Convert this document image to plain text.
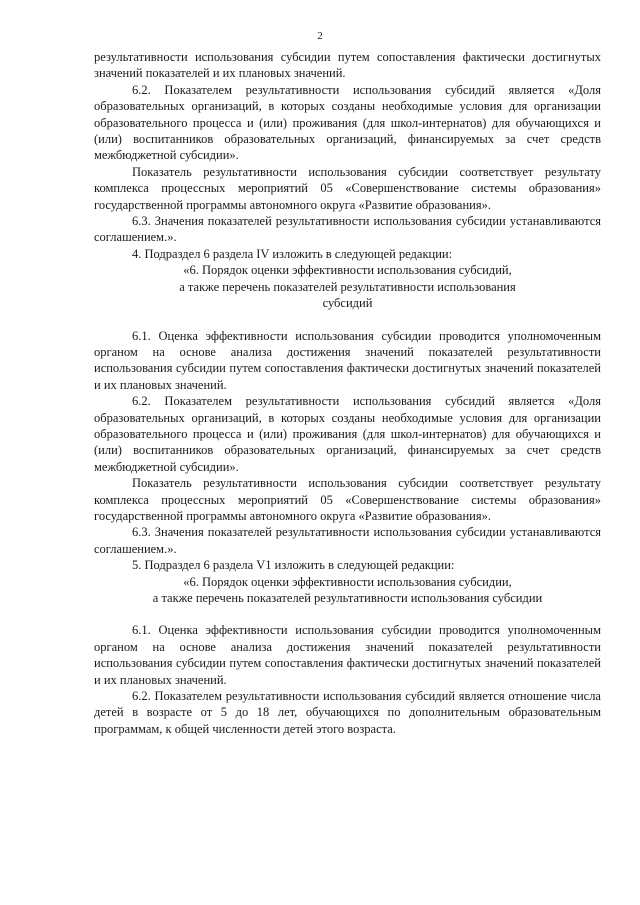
2

результативности использования субсидии путем сопоставления фактически достигнутых значений показателей и их плановых значений.

6.2. Показателем результативности использования субсидий является «Доля образовательных организаций, в которых созданы необходимые условия для организации образовательного процесса и (или) проживания (для школ-интернатов) для обучающихся и (или) воспитанников образовательных организаций, финансируемых за счет средств межбюджетной субсидии».

Показатель результативности использования субсидии соответствует результату комплекса процессных мероприятий 05 «Совершенствование системы образования» государственной программы автономного округа «Развитие образования».

6.3. Значения показателей результативности использования субсидии устанавливаются соглашением.».

4. Подраздел 6 раздела IV изложить в следующей редакции:

«6. Порядок оценки эффективности использования субсидий,

а также перечень показателей результативности использования

субсидий

6.1. Оценка эффективности использования субсидии проводится уполномоченным органом на основе анализа достижения значений показателей результативности использования субсидии путем сопоставления фактически достигнутых значений показателей и их плановых значений.

6.2. Показателем результативности использования субсидий является «Доля образовательных организаций, в которых созданы необходимые условия для организации образовательного процесса и (или) проживания (для школ-интернатов) для обучающихся и (или) воспитанников образовательных организаций, финансируемых за счет средств межбюджетной субсидии».

Показатель результативности использования субсидии соответствует результату комплекса процессных мероприятий 05 «Совершенствование системы образования» государственной программы автономного округа «Развитие образования».

6.3. Значения показателей результативности использования субсидии устанавливаются соглашением.».

5. Подраздел 6 раздела V1 изложить в следующей редакции:

«6. Порядок оценки эффективности использования субсидии,

а также перечень показателей результативности использования субсидии

6.1. Оценка эффективности использования субсидии проводится уполномоченным органом на основе анализа достижения значений показателей результативности использования субсидии путем сопоставления фактически достигнутых значений показателей и их плановых значений.

6.2. Показателем результативности использования субсидий является отношение числа детей в возрасте от 5 до 18 лет, обучающихся по дополнительным образовательным программам, к общей численности детей этого возраста.
